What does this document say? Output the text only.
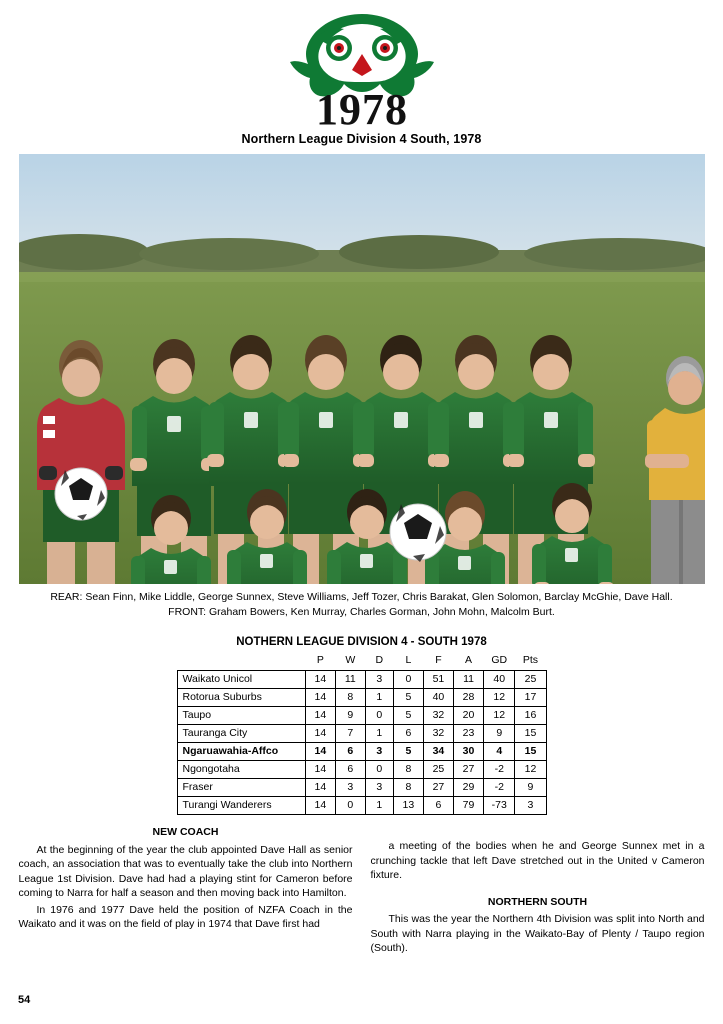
1978
Northern League Division 4 South, 1978
REAR: Sean Finn, Mike Liddle, George Sunnex, Steve Williams, Jeff Tozer, Chris Barakat, Glen Solomon, Barclay McGhie, Dave Hall.
FRONT: Graham Bowers, Ken Murray, Charles Gorman, John Mohn, Malcolm Burt.
NOTHERN LEAGUE DIVISION 4 - SOUTH 1978
	P	W	D	L	F	A	GD	Pts
Waikato Unicol	14	11	3	0	51	11	40	25
Rotorua Suburbs	14	8	1	5	40	28	12	17
Taupo	14	9	0	5	32	20	12	16
Tauranga City	14	7	1	6	32	23	9	15
Ngaruawahia-Affco	14	6	3	5	34	30	4	15
Ngongotaha	14	6	0	8	25	27	-2	12
Fraser	14	3	3	8	27	29	-2	9
Turangi Wanderers	14	0	1	13	6	79	-73	3
NEW COACH

At the beginning of the year the club appointed Dave Hall as senior coach, an association that was to eventually take the club into Northern League 1st Division. Dave had had a playing stint for Cameron before coming to Narra for half a season and then moving back into Hamilton.

In 1976 and 1977 Dave held the position of NZFA Coach in the Waikato and it was on the field of play in 1974 that Dave first had

a meeting of the bodies when he and George Sunnex met in a crunching tackle that left Dave stretched out in the United v Cameron fixture.

NORTHERN SOUTH

This was the year the Northern 4th Division was split into North and South with Narra playing in the Waikato-Bay of Plenty / Taupo region (South).

54
